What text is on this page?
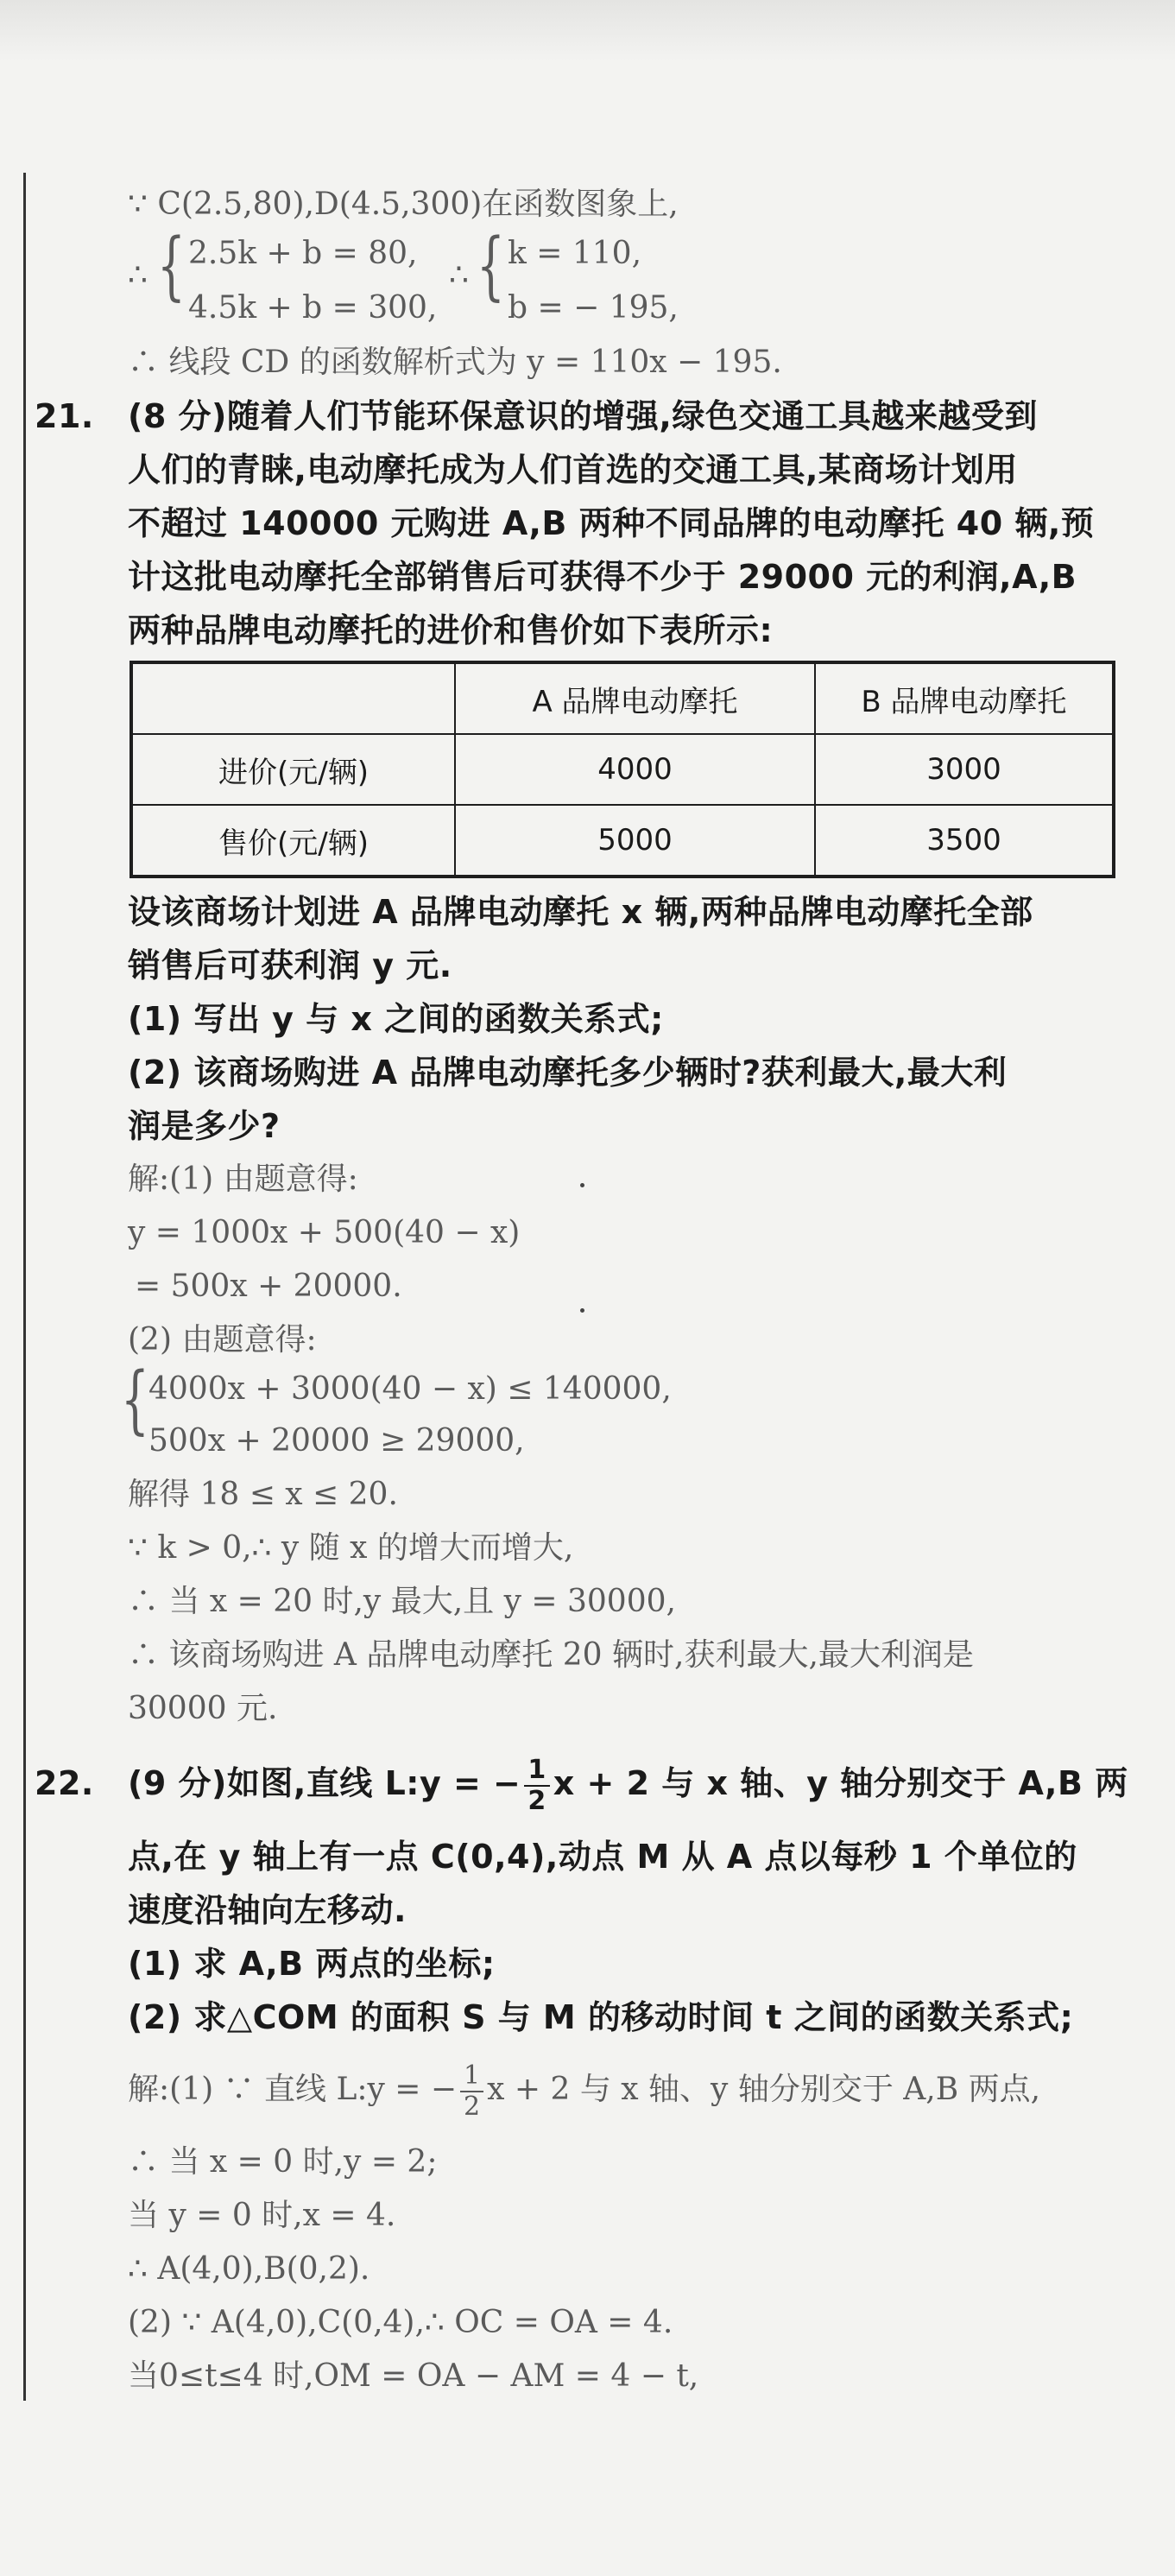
∵ C(2.5,80),D(4.5,300)在函数图象上,
∴ { 2.5k + b = 80,
4.5k + b = 300,
∴ { k = 110,
b = − 195,
∴ 线段 CD 的函数解析式为 y = 110x − 195.
21. (8 分)随着人们节能环保意识的增强,绿色交通工具越来越受到
人们的青睐,电动摩托成为人们首选的交通工具,某商场计划用
不超过 140000 元购进 A,B 两种不同品牌的电动摩托 40 辆,预
计这批电动摩托全部销售后可获得不少于 29000 元的利润,A,B
两种品牌电动摩托的进价和售价如下表所示:
	A 品牌电动摩托	B 品牌电动摩托
进价(元/辆)	4000	3000
售价(元/辆)	5000	3500
设该商场计划进 A 品牌电动摩托 x 辆,两种品牌电动摩托全部
销售后可获利润 y 元.
(1) 写出 y 与 x 之间的函数关系式;
(2) 该商场购进 A 品牌电动摩托多少辆时?获利最大,最大利
润是多少?
解:(1) 由题意得:
y = 1000x + 500(40 − x)
= 500x + 20000.
(2) 由题意得:
{ 4000x + 3000(40 − x) ≤ 140000,
500x + 20000 ≥ 29000,
解得 18 ≤ x ≤ 20.
∵ k > 0,∴ y 随 x 的增大而增大,
∴ 当 x = 20 时,y 最大,且 y = 30000,
∴ 该商场购进 A 品牌电动摩托 20 辆时,获利最大,最大利润是
30000 元.
22. (9 分)如图,直线 L:y = − $\frac{1}{2}$ x + 2 与 x 轴、y 轴分别交于 A,B 两
点,在 y 轴上有一点 C(0,4),动点 M 从 A 点以每秒 1 个单位的
速度沿轴向左移动.
(1) 求 A,B 两点的坐标;
(2) 求△COM 的面积 S 与 M 的移动时间 t 之间的函数关系式;
解:(1) ∵ 直线 L:y = − $\frac{1}{2}$ x + 2 与 x 轴、y 轴分别交于 A,B 两点,
∴ 当 x = 0 时,y = 2;
当 y = 0 时,x = 4.
∴ A(4,0),B(0,2).
(2) ∵ A(4,0),C(0,4),∴ OC = OA = 4.
当0≤t≤4 时,OM = OA − AM = 4 − t,
